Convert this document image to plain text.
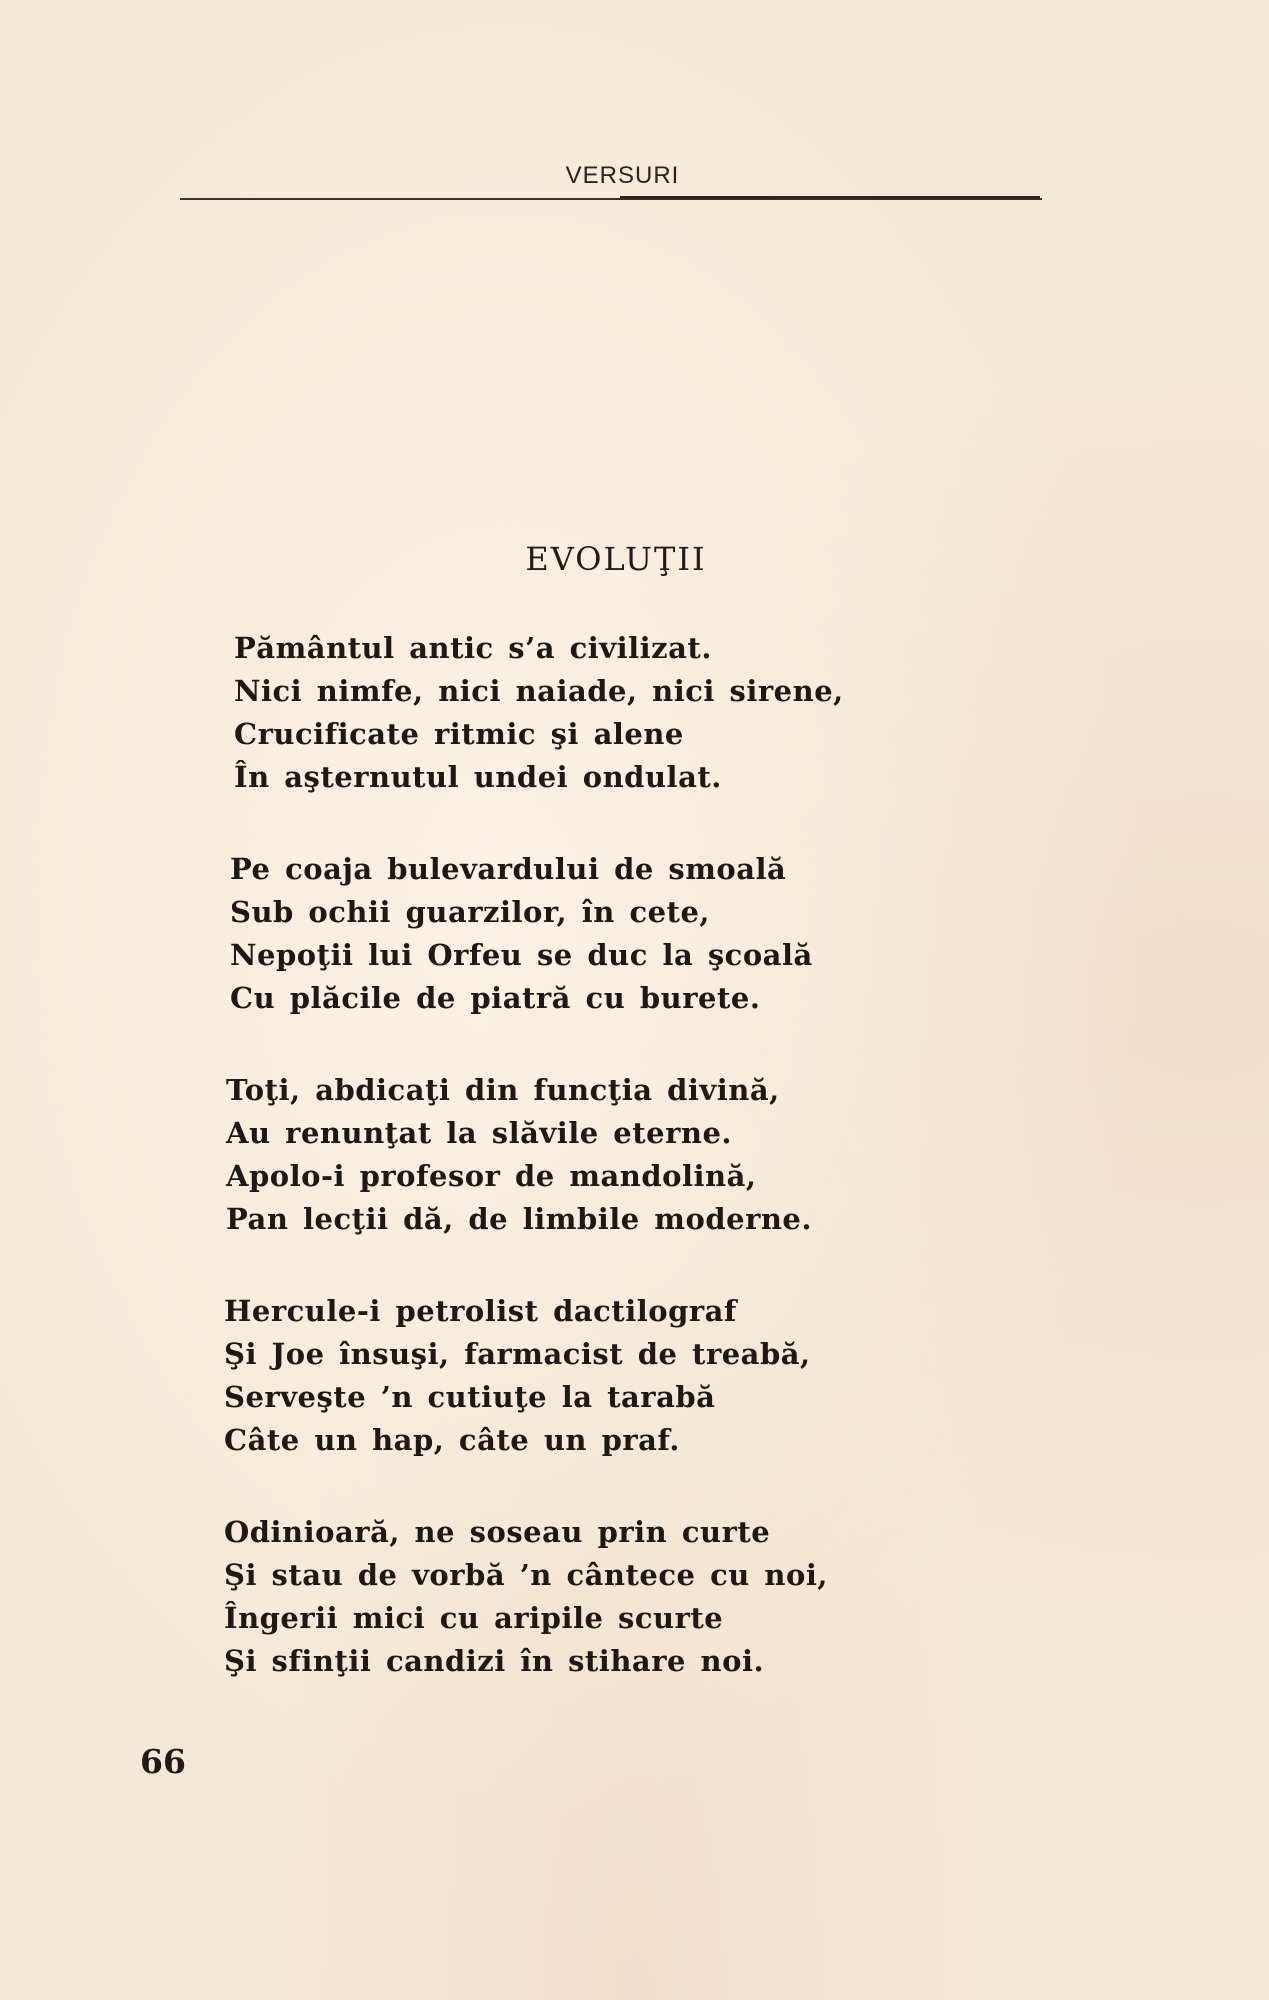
VERSURI
EVOLUŢII
Pământul antic s’a civilizat.
Nici nimfe, nici naiade, nici sirene,
Crucificate ritmic şi alene
În aşternutul undei ondulat.
Pe coaja bulevardului de smoală
Sub ochii guarzilor, în cete,
Nepoţii lui Orfeu se duc la şcoală
Cu plăcile de piatră cu burete.
Toţi, abdicaţi din funcţia divină,
Au renunţat la slăvile eterne.
Apolo-i profesor de mandolină,
Pan lecţii dă, de limbile moderne.
Hercule-i petrolist dactilograf
Şi Joe însuşi, farmacist de treabă,
Serveşte ’n cutiuţe la tarabă
Câte un hap, câte un praf.
Odinioară, ne soseau prin curte
Şi stau de vorbă ’n cântece cu noi,
Îngerii mici cu aripile scurte
Şi sfinţii candizi în stihare noi.
66
